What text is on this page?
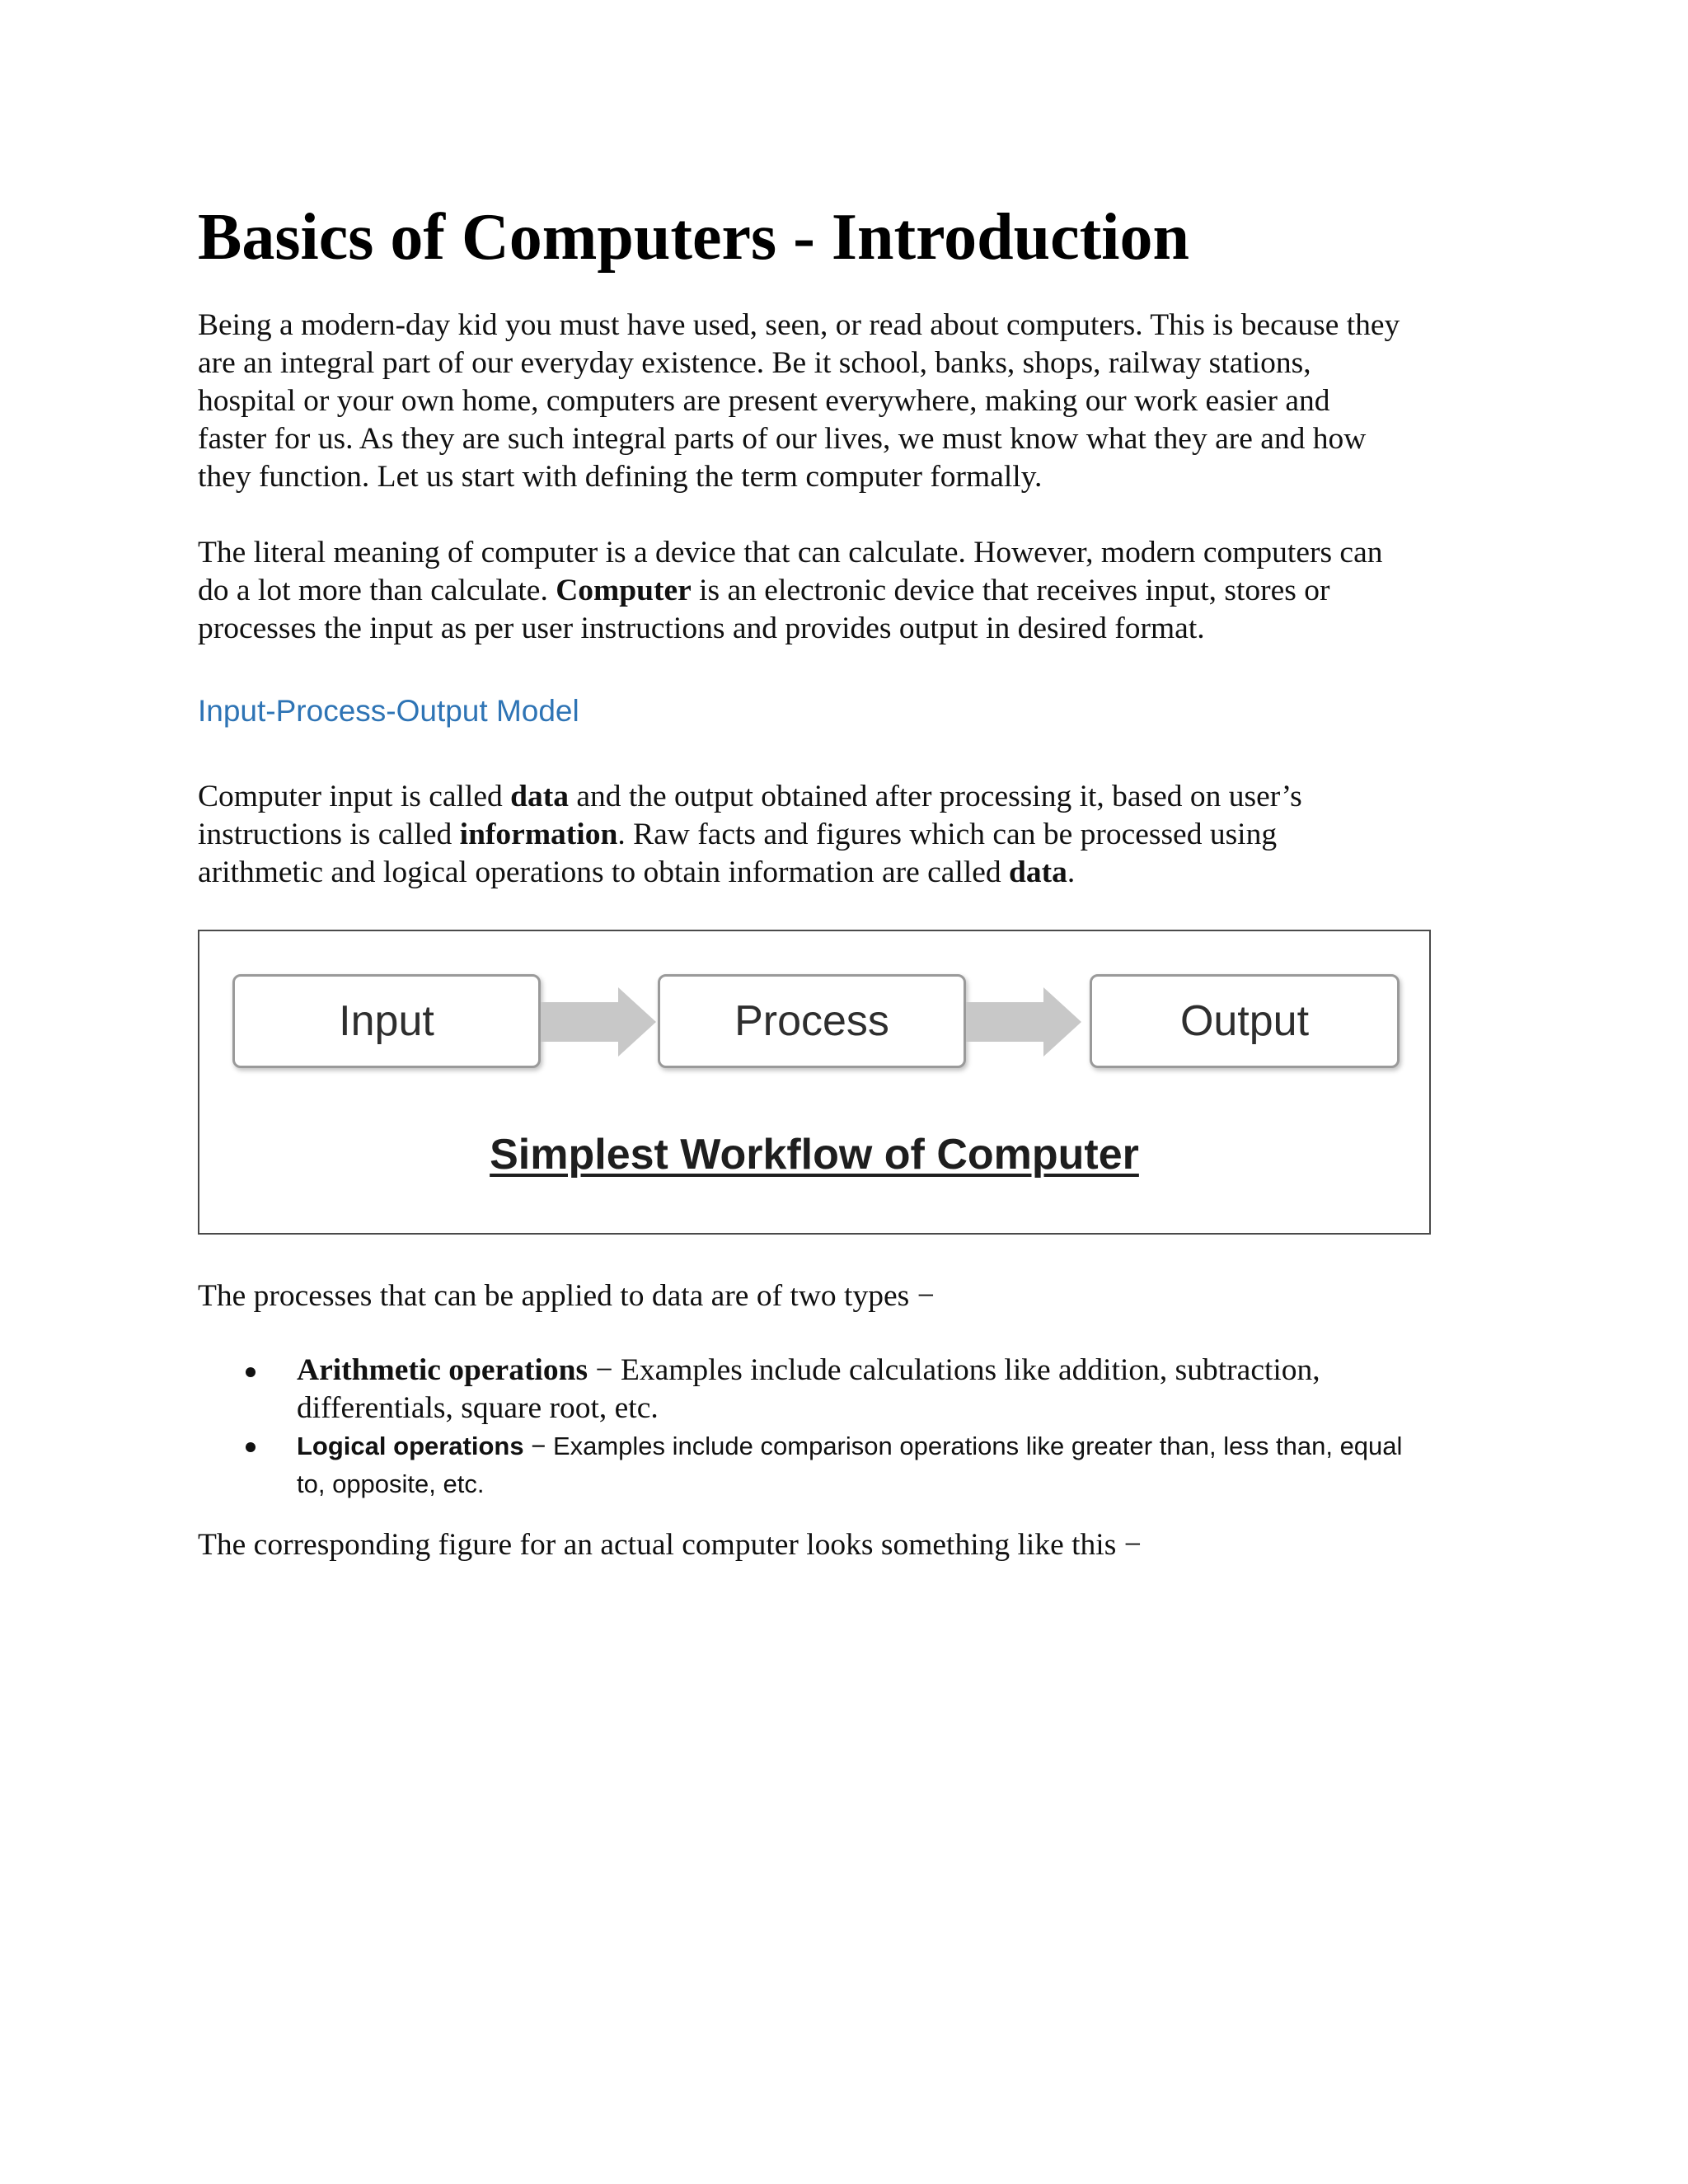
Basics of Computers - Introduction

Being a modern-day kid you must have used, seen, or read about computers. This is because they
are an integral part of our everyday existence. Be it school, banks, shops, railway stations,
hospital or your own home, computers are present everywhere, making our work easier and
faster for us. As they are such integral parts of our lives, we must know what they are and how
they function. Let us start with defining the term computer formally.

The literal meaning of computer is a device that can calculate. However, modern computers can
do a lot more than calculate. Computer is an electronic device that receives input, stores or
processes the input as per user instructions and provides output in desired format.

Input-Process-Output Model

Computer input is called data and the output obtained after processing it, based on user’s
instructions is called information. Raw facts and figures which can be processed using
arithmetic and logical operations to obtain information are called data.

Input	Process	Output
Simplest Workflow of Computer

The processes that can be applied to data are of two types −

Arithmetic operations − Examples include calculations like addition, subtraction,
differentials, square root, etc.
Logical operations − Examples include comparison operations like greater than, less than, equal
to, opposite, etc.

The corresponding figure for an actual computer looks something like this −
